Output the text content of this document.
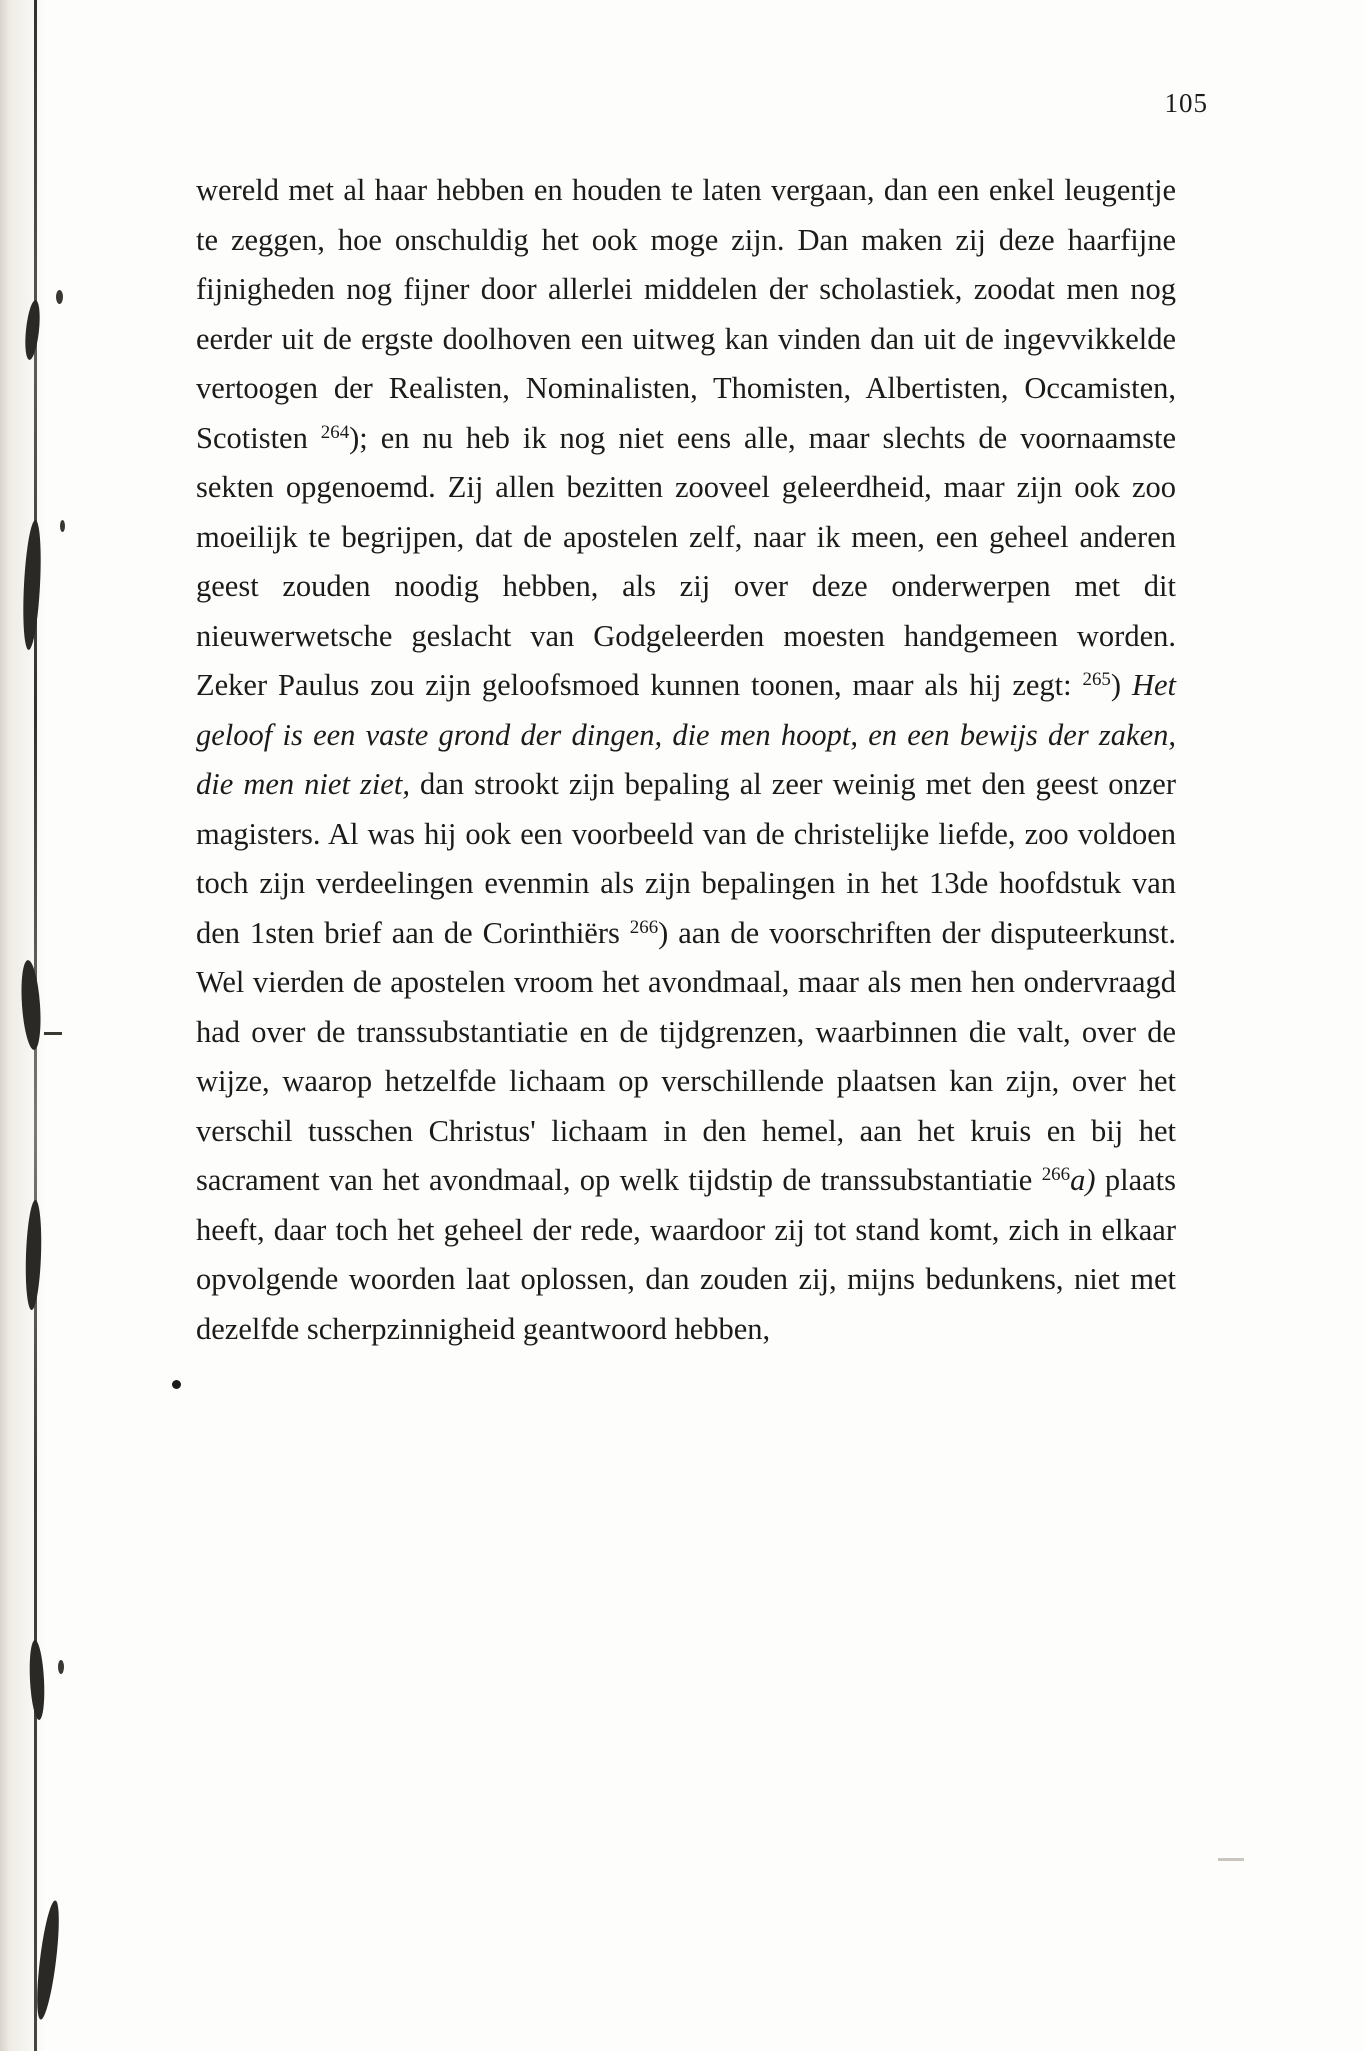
105

wereld met al haar hebben en houden te laten vergaan, dan een enkel leugentje te zeggen, hoe onschuldig het ook moge zijn. Dan maken zij deze haarfijne fijnigheden nog fijner door allerlei middelen der scholastiek, zoodat men nog eerder uit de ergste doolhoven een uitweg kan vinden dan uit de ingevvikkelde vertoogen der Realisten, Nominalisten, Thomisten, Albertisten, Occamisten, Scotisten $^{264}$); en nu heb ik nog niet eens alle, maar slechts de voornaamste sekten opgenoemd. Zij allen bezitten zooveel geleerdheid, maar zijn ook zoo moeilijk te begrijpen, dat de apostelen zelf, naar ik meen, een geheel anderen geest zouden noodig hebben, als zij over deze onderwerpen met dit nieuwerwetsche geslacht van Godgeleerden moesten handgemeen worden. Zeker Paulus zou zijn geloofsmoed kunnen toonen, maar als hij zegt: $^{265}$) Het geloof is een vaste grond der dingen, die men hoopt, en een bewijs der zaken, die men niet ziet, dan strookt zijn bepaling al zeer weinig met den geest onzer magisters. Al was hij ook een voorbeeld van de christelijke liefde, zoo voldoen toch zijn verdeelingen evenmin als zijn bepalingen in het 13de hoofdstuk van den 1sten brief aan de Corinthiërs $^{266}$) aan de voorschriften der disputeerkunst. Wel vierden de apostelen vroom het avondmaal, maar als men hen ondervraagd had over de transsubstantiatie en de tijdgrenzen, waarbinnen die valt, over de wijze, waarop hetzelfde lichaam op verschillende plaatsen kan zijn, over het verschil tusschen Christus' lichaam in den hemel, aan het kruis en bij het sacrament van het avondmaal, op welk tijdstip de transsubstantiatie $^{266}$a) plaats heeft, daar toch het geheel der rede, waardoor zij tot stand komt, zich in elkaar opvolgende woorden laat oplossen, dan zouden zij, mijns bedunkens, niet met dezelfde scherpzinnigheid geantwoord hebben,
